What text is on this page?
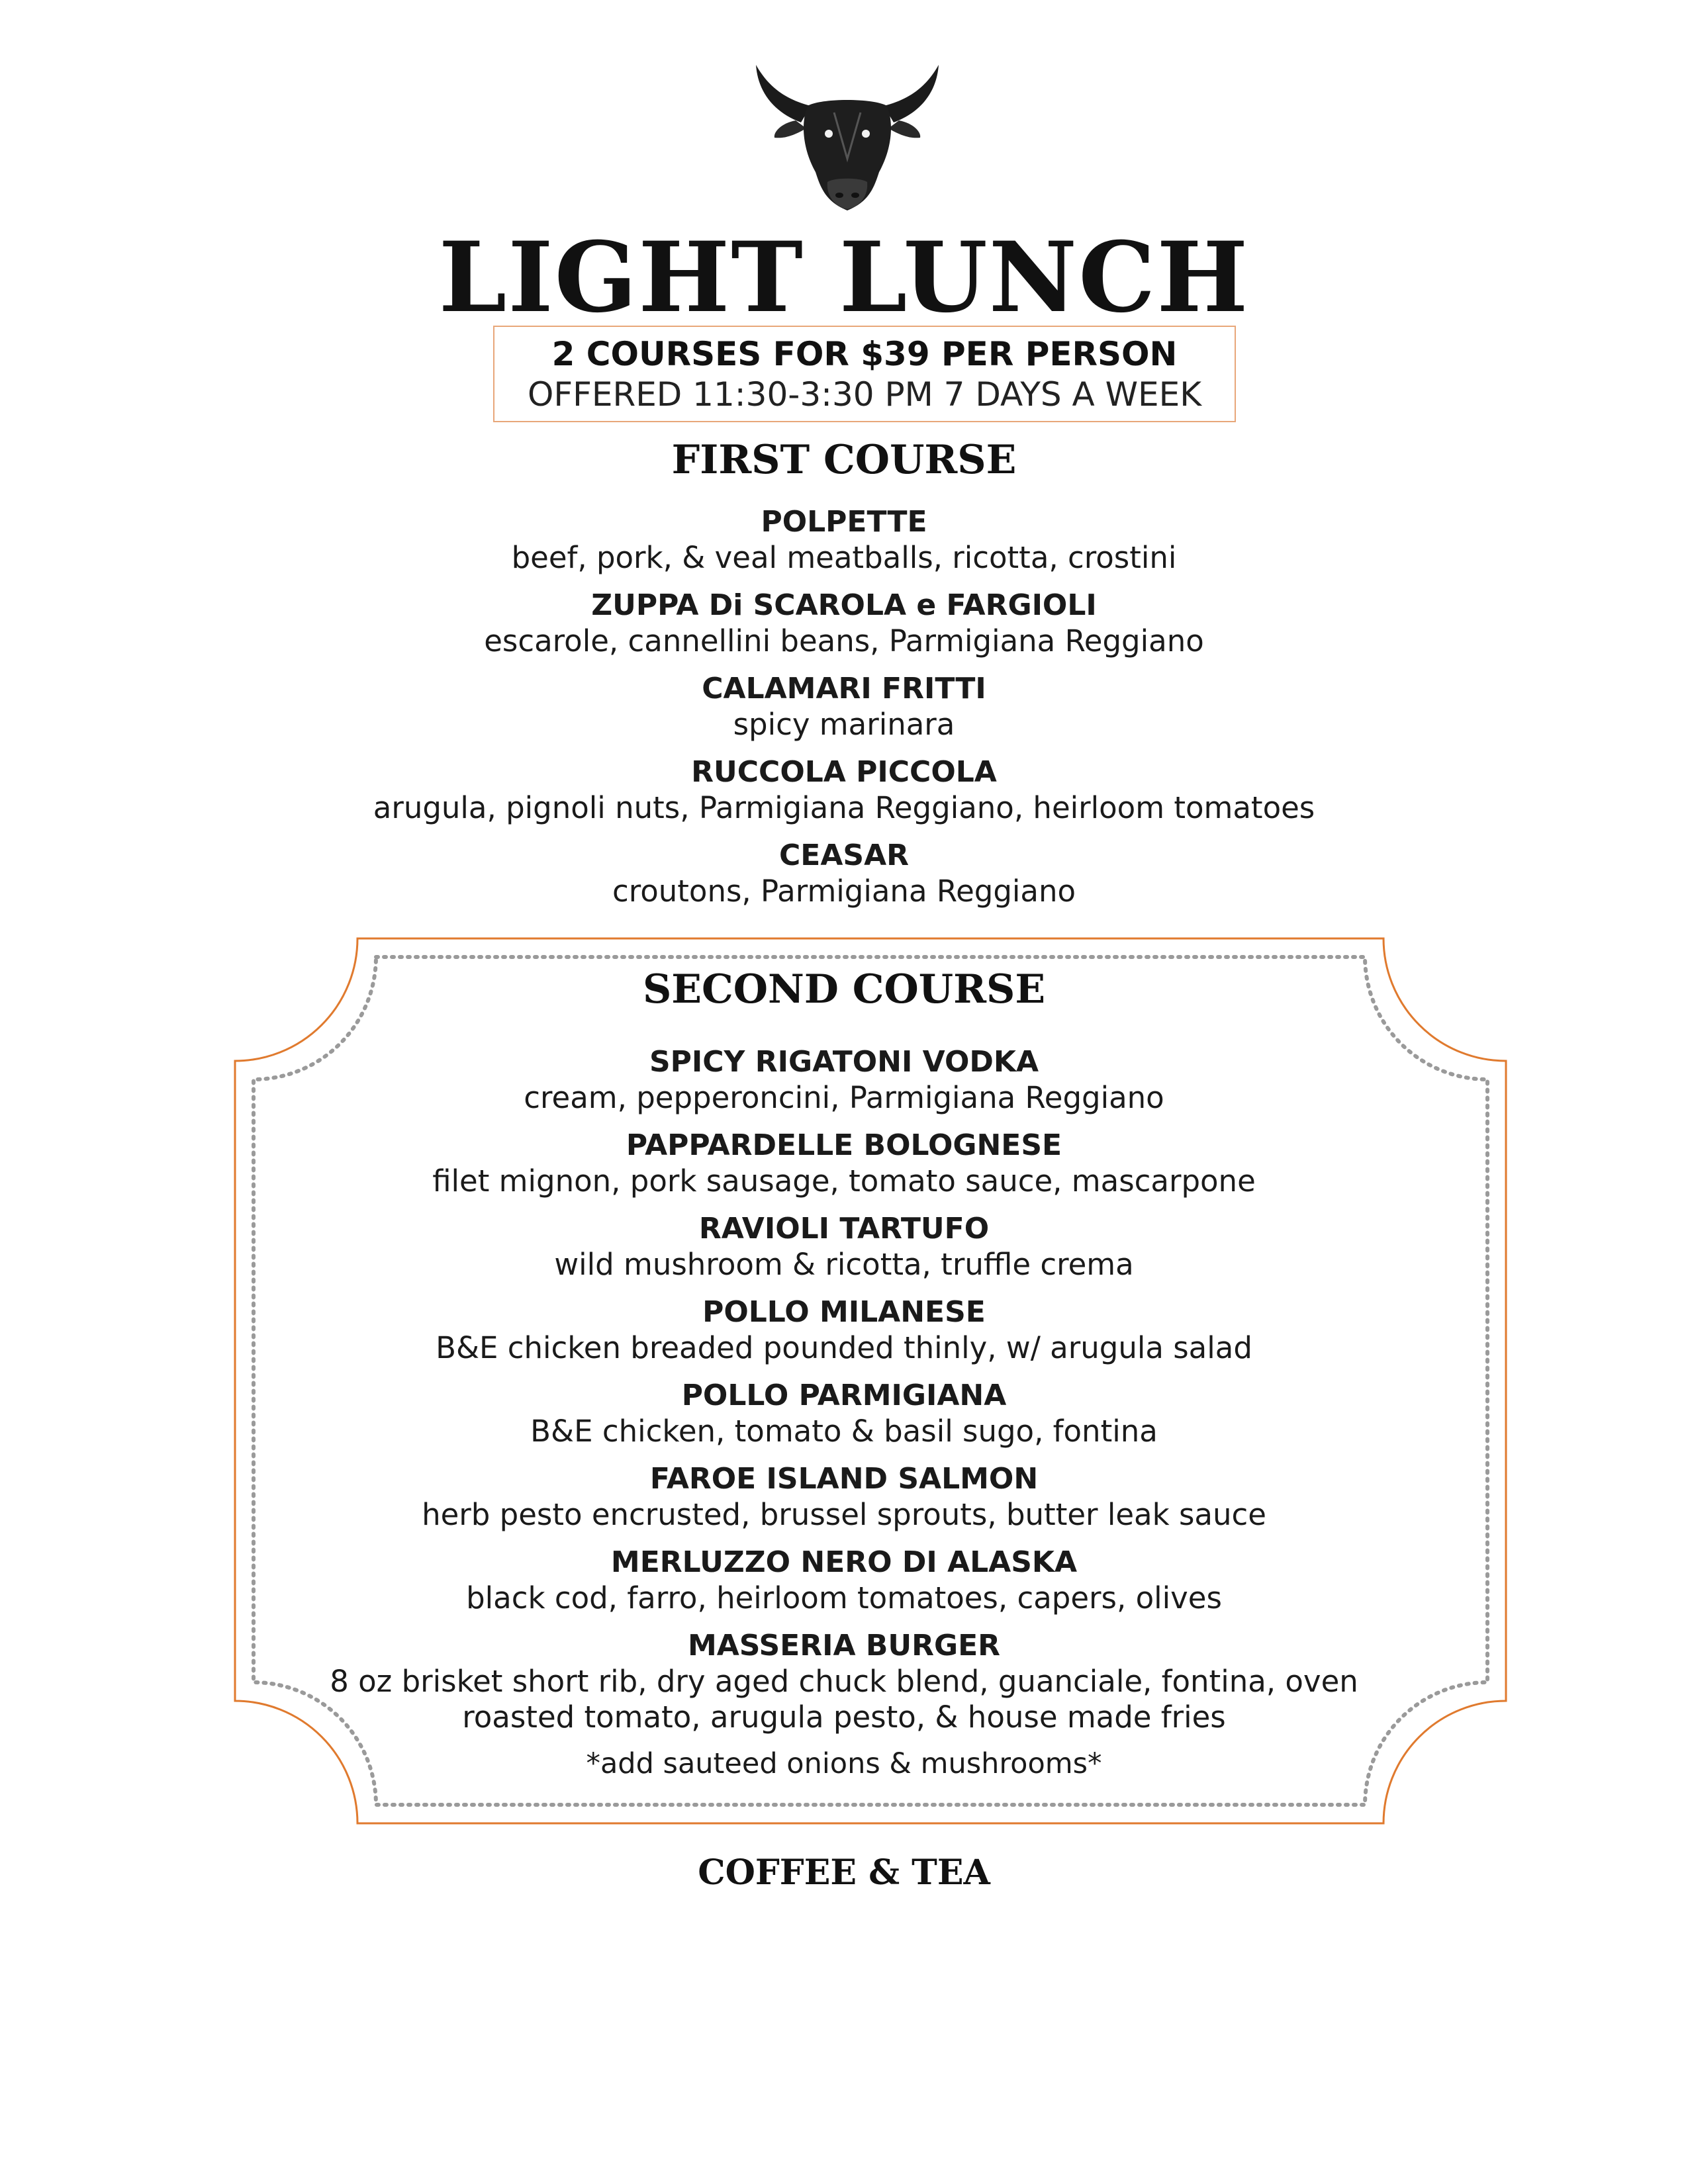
LIGHT LUNCH
2 COURSES FOR $39 PER PERSON
OFFERED 11:30-3:30 PM 7 DAYS A WEEK
FIRST COURSE
POLPETTE
beef, pork, & veal meatballs, ricotta, crostini
ZUPPA Di SCAROLA e FARGIOLI
escarole, cannellini beans, Parmigiana Reggiano
CALAMARI FRITTI
spicy marinara
RUCCOLA PICCOLA
arugula, pignoli nuts, Parmigiana Reggiano, heirloom tomatoes
CEASAR
croutons, Parmigiana Reggiano
SECOND COURSE
SPICY RIGATONI VODKA
cream, pepperoncini, Parmigiana Reggiano
PAPPARDELLE BOLOGNESE
filet mignon, pork sausage, tomato sauce, mascarpone
RAVIOLI TARTUFO
wild mushroom & ricotta, truffle crema
POLLO MILANESE
B&E chicken breaded pounded thinly, w/ arugula salad
POLLO PARMIGIANA
B&E chicken, tomato & basil sugo, fontina
FAROE ISLAND SALMON
herb pesto encrusted, brussel sprouts, butter leak sauce
MERLUZZO NERO DI ALASKA
black cod, farro, heirloom tomatoes, capers, olives
MASSERIA BURGER
8 oz brisket short rib, dry aged chuck blend, guanciale, fontina, oven
roasted tomato, arugula pesto, & house made fries
*add sauteed onions & mushrooms*
COFFEE & TEA
